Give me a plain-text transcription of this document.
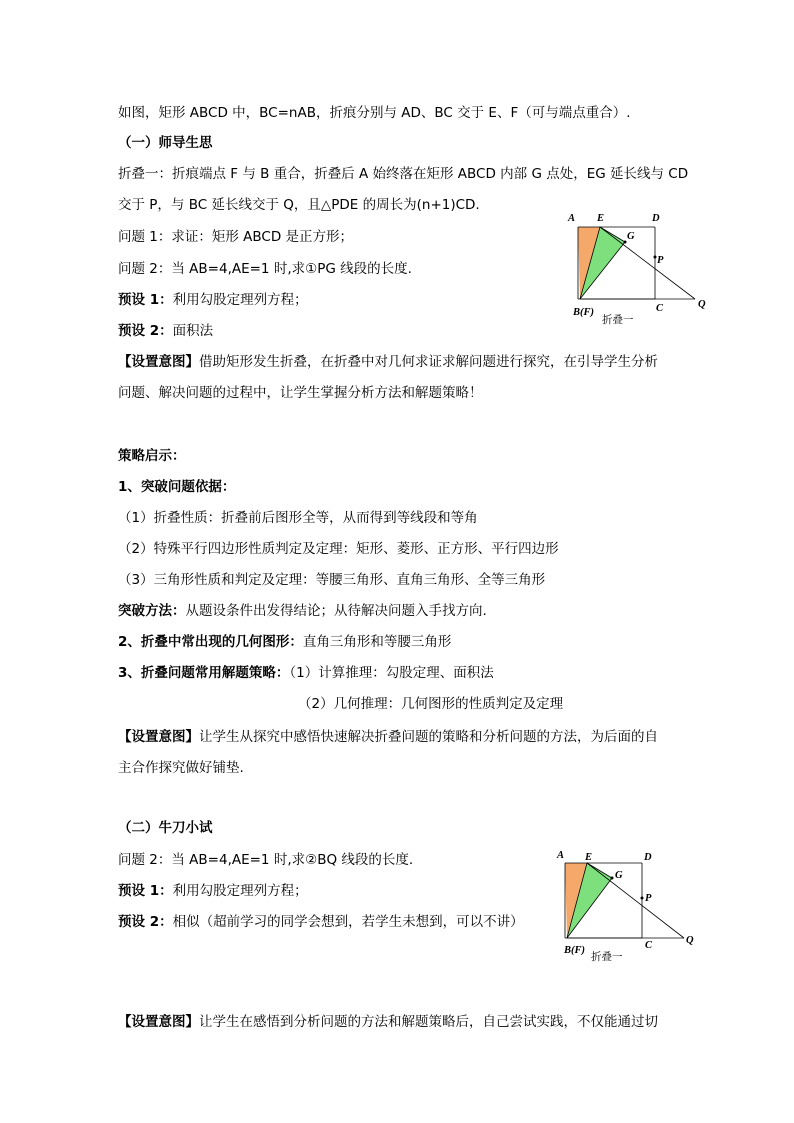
如图，矩形 ABCD 中，BC=nAB，折痕分别与 AD、BC 交于 E、F（可与端点重合）.
（一）师导生思
折叠一：折痕端点 F 与 B 重合，折叠后 A 始终落在矩形 ABCD 内部 G 点处，EG 延长线与 CD
交于 P，与 BC 延长线交于 Q，且△PDE 的周长为(n+1)CD.
问题 1：求证：矩形 ABCD 是正方形；
问题 2：当 AB=4,AE=1 时,求①PG 线段的长度.
预设 1：利用勾股定理列方程；
预设 2：面积法
【设置意图】借助矩形发生折叠，在折叠中对几何求证求解问题进行探究，在引导学生分析
问题、解决问题的过程中，让学生掌握分析方法和解题策略！
A E	D
G
P
B(F)	C	Q
折叠一
策略启示：
1、突破问题依据：
（1）折叠性质：折叠前后图形全等，从而得到等线段和等角
（2）特殊平行四边形性质判定及定理：矩形、菱形、正方形、平行四边形
（3）三角形性质和判定及定理：等腰三角形、直角三角形、全等三角形
突破方法：从题设条件出发得结论；从待解决问题入手找方向.
2、折叠中常出现的几何图形：直角三角形和等腰三角形
3、折叠问题常用解题策略：（1）计算推理：勾股定理、面积法
（2）几何推理：几何图形的性质判定及定理
【设置意图】让学生从探究中感悟快速解决折叠问题的策略和分析问题的方法，为后面的自
主合作探究做好铺垫.
（二）牛刀小试
问题 2：当 AB=4,AE=1 时,求②BQ 线段的长度.
预设 1：利用勾股定理列方程；
预设 2：相似（超前学习的同学会想到，若学生未想到，可以不讲）
A E	D
G
P
B(F)	C	Q
折叠一
【设置意图】让学生在感悟到分析问题的方法和解题策略后，自己尝试实践，不仅能通过切
